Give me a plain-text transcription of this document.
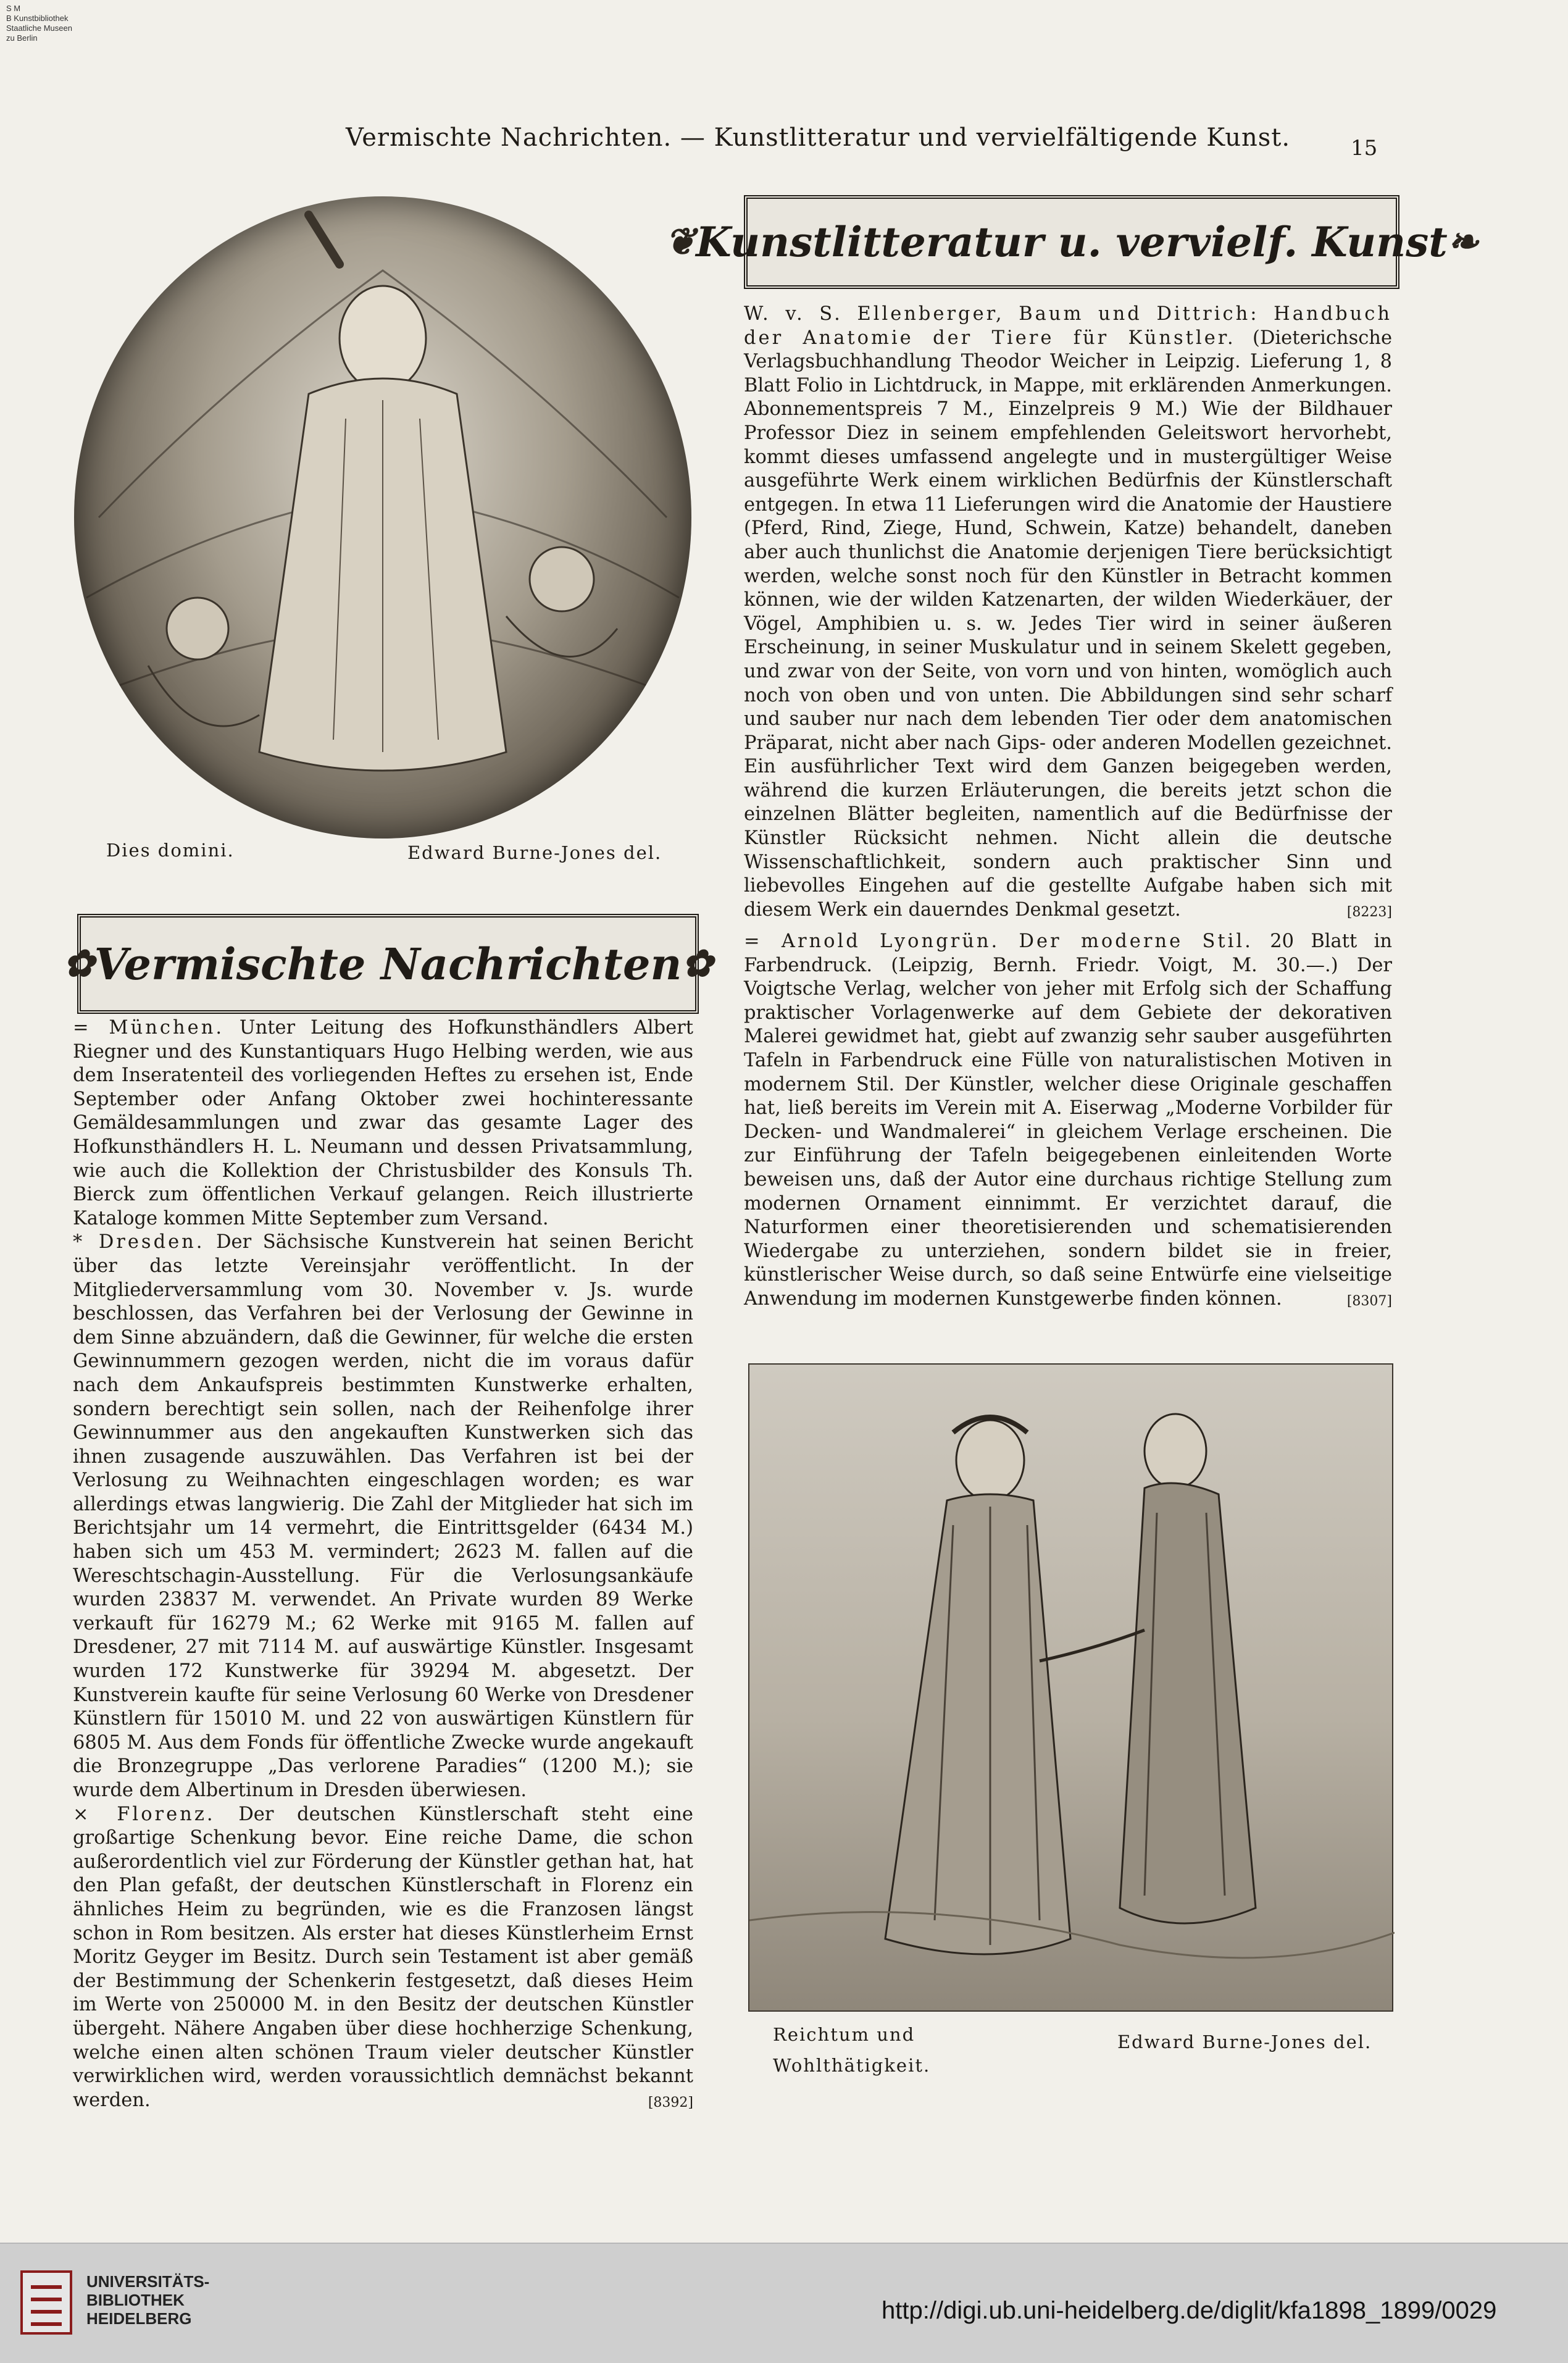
S M
B Kunstbibliothek
Staatliche Museen
zu Berlin
Vermischte Nachrichten. — Kunstlitteratur und vervielfältigende Kunst.	15
Dies domini.	Edward Burne-Jones del.
❦ Kunstlitteratur u. vervielf. Kunst ❧

W. v. S. Ellenberger, Baum und Dittrich: Handbuch der Anatomie der Tiere für Künstler. (Dieterichsche Verlagsbuchhandlung Theodor Weicher in Leipzig. Lieferung 1, 8 Blatt Folio in Lichtdruck, in Mappe, mit erklärenden Anmerkungen. Abonnementspreis 7 M., Einzelpreis 9 M.) Wie der Bildhauer Professor Diez in seinem empfehlenden Geleitswort hervorhebt, kommt dieses umfassend angelegte und in mustergültiger Weise ausgeführte Werk einem wirklichen Bedürfnis der Künstlerschaft entgegen. In etwa 11 Lieferungen wird die Anatomie der Haustiere (Pferd, Rind, Ziege, Hund, Schwein, Katze) behandelt, daneben aber auch thunlichst die Anatomie derjenigen Tiere berücksichtigt werden, welche sonst noch für den Künstler in Betracht kommen können, wie der wilden Katzenarten, der wilden Wiederkäuer, der Vögel, Amphibien u. s. w. Jedes Tier wird in seiner äußeren Erscheinung, in seiner Muskulatur und in seinem Skelett gegeben, und zwar von der Seite, von vorn und von hinten, womöglich auch noch von oben und von unten. Die Abbildungen sind sehr scharf und sauber nur nach dem lebenden Tier oder dem anatomischen Präparat, nicht aber nach Gips- oder anderen Modellen gezeichnet. Ein ausführlicher Text wird dem Ganzen beigegeben werden, während die kurzen Erläuterungen, die bereits jetzt schon die einzelnen Blätter begleiten, namentlich auf die Bedürfnisse der Künstler Rücksicht nehmen. Nicht allein die deutsche Wissenschaftlichkeit, sondern auch praktischer Sinn und liebevolles Eingehen auf die gestellte Aufgabe haben sich mit diesem Werk ein dauerndes Denkmal gesetzt.	[8223]

✿ Vermischte Nachrichten ✿

= München. Unter Leitung des Hofkunsthändlers Albert Riegner und des Kunstantiquars Hugo Helbing werden, wie aus dem Inseratenteil des vorliegenden Heftes zu ersehen ist, Ende September oder Anfang Oktober zwei hochinteressante Gemäldesammlungen und zwar das gesamte Lager des Hofkunsthändlers H. L. Neumann und dessen Privatsammlung, wie auch die Kollektion der Christusbilder des Konsuls Th. Bierck zum öffentlichen Verkauf gelangen. Reich illustrierte Kataloge kommen Mitte September zum Versand.

* Dresden. Der Sächsische Kunstverein hat seinen Bericht über das letzte Vereinsjahr veröffentlicht. In der Mitgliederversammlung vom 30. November v. Js. wurde beschlossen, das Verfahren bei der Verlosung der Gewinne in dem Sinne abzuändern, daß die Gewinner, für welche die ersten Gewinnummern gezogen werden, nicht die im voraus dafür nach dem Ankaufspreis bestimmten Kunstwerke erhalten, sondern berechtigt sein sollen, nach der Reihenfolge ihrer Gewinnummer aus den angekauften Kunstwerken sich das ihnen zusagende auszuwählen. Das Verfahren ist bei der Verlosung zu Weihnachten eingeschlagen worden; es war allerdings etwas langwierig. Die Zahl der Mitglieder hat sich im Berichtsjahr um 14 vermehrt, die Eintrittsgelder (6434 M.) haben sich um 453 M. vermindert; 2623 M. fallen auf die Wereschtschagin-Ausstellung. Für die Verlosungsankäufe wurden 23837 M. verwendet. An Private wurden 89 Werke verkauft für 16279 M.; 62 Werke mit 9165 M. fallen auf Dresdener, 27 mit 7114 M. auf auswärtige Künstler. Insgesamt wurden 172 Kunstwerke für 39294 M. abgesetzt. Der Kunstverein kaufte für seine Verlosung 60 Werke von Dresdener Künstlern für 15010 M. und 22 von auswärtigen Künstlern für 6805 M. Aus dem Fonds für öffentliche Zwecke wurde angekauft die Bronzegruppe „Das verlorene Paradies“ (1200 M.); sie wurde dem Albertinum in Dresden überwiesen.

⨯ Florenz. Der deutschen Künstlerschaft steht eine großartige Schenkung bevor. Eine reiche Dame, die schon außerordentlich viel zur Förderung der Künstler gethan hat, hat den Plan gefaßt, der deutschen Künstlerschaft in Florenz ein ähnliches Heim zu begründen, wie es die Franzosen längst schon in Rom besitzen. Als erster hat dieses Künstlerheim Ernst Moritz Geyger im Besitz. Durch sein Testament ist aber gemäß der Bestimmung der Schenkerin festgesetzt, daß dieses Heim im Werte von 250000 M. in den Besitz der deutschen Künstler übergeht. Nähere Angaben über diese hochherzige Schenkung, welche einen alten schönen Traum vieler deutscher Künstler verwirklichen wird, werden voraussichtlich demnächst bekannt werden.	[8392]

= Arnold Lyongrün. Der moderne Stil. 20 Blatt in Farbendruck. (Leipzig, Bernh. Friedr. Voigt, M. 30.—.) Der Voigtsche Verlag, welcher von jeher mit Erfolg sich der Schaffung praktischer Vorlagenwerke auf dem Gebiete der dekorativen Malerei gewidmet hat, giebt auf zwanzig sehr sauber ausgeführten Tafeln in Farbendruck eine Fülle von naturalistischen Motiven in modernem Stil. Der Künstler, welcher diese Originale geschaffen hat, ließ bereits im Verein mit A. Eiserwag „Moderne Vorbilder für Decken- und Wandmalerei“ in gleichem Verlage erscheinen. Die zur Einführung der Tafeln beigegebenen einleitenden Worte beweisen uns, daß der Autor eine durchaus richtige Stellung zum modernen Ornament einnimmt. Er verzichtet darauf, die Naturformen einer theoretisierenden und schematisierenden Wiedergabe zu unterziehen, sondern bildet sie in freier, künstlerischer Weise durch, so daß seine Entwürfe eine vielseitige Anwendung im modernen Kunstgewerbe finden können.	[8307]

Reichtum und
Wohlthätigkeit.
Edward Burne-Jones del.
UNIVERSITÄTS-
BIBLIOTHEK
HEIDELBERG	http://digi.ub.uni-heidelberg.de/diglit/kfa1898_1899/0029
